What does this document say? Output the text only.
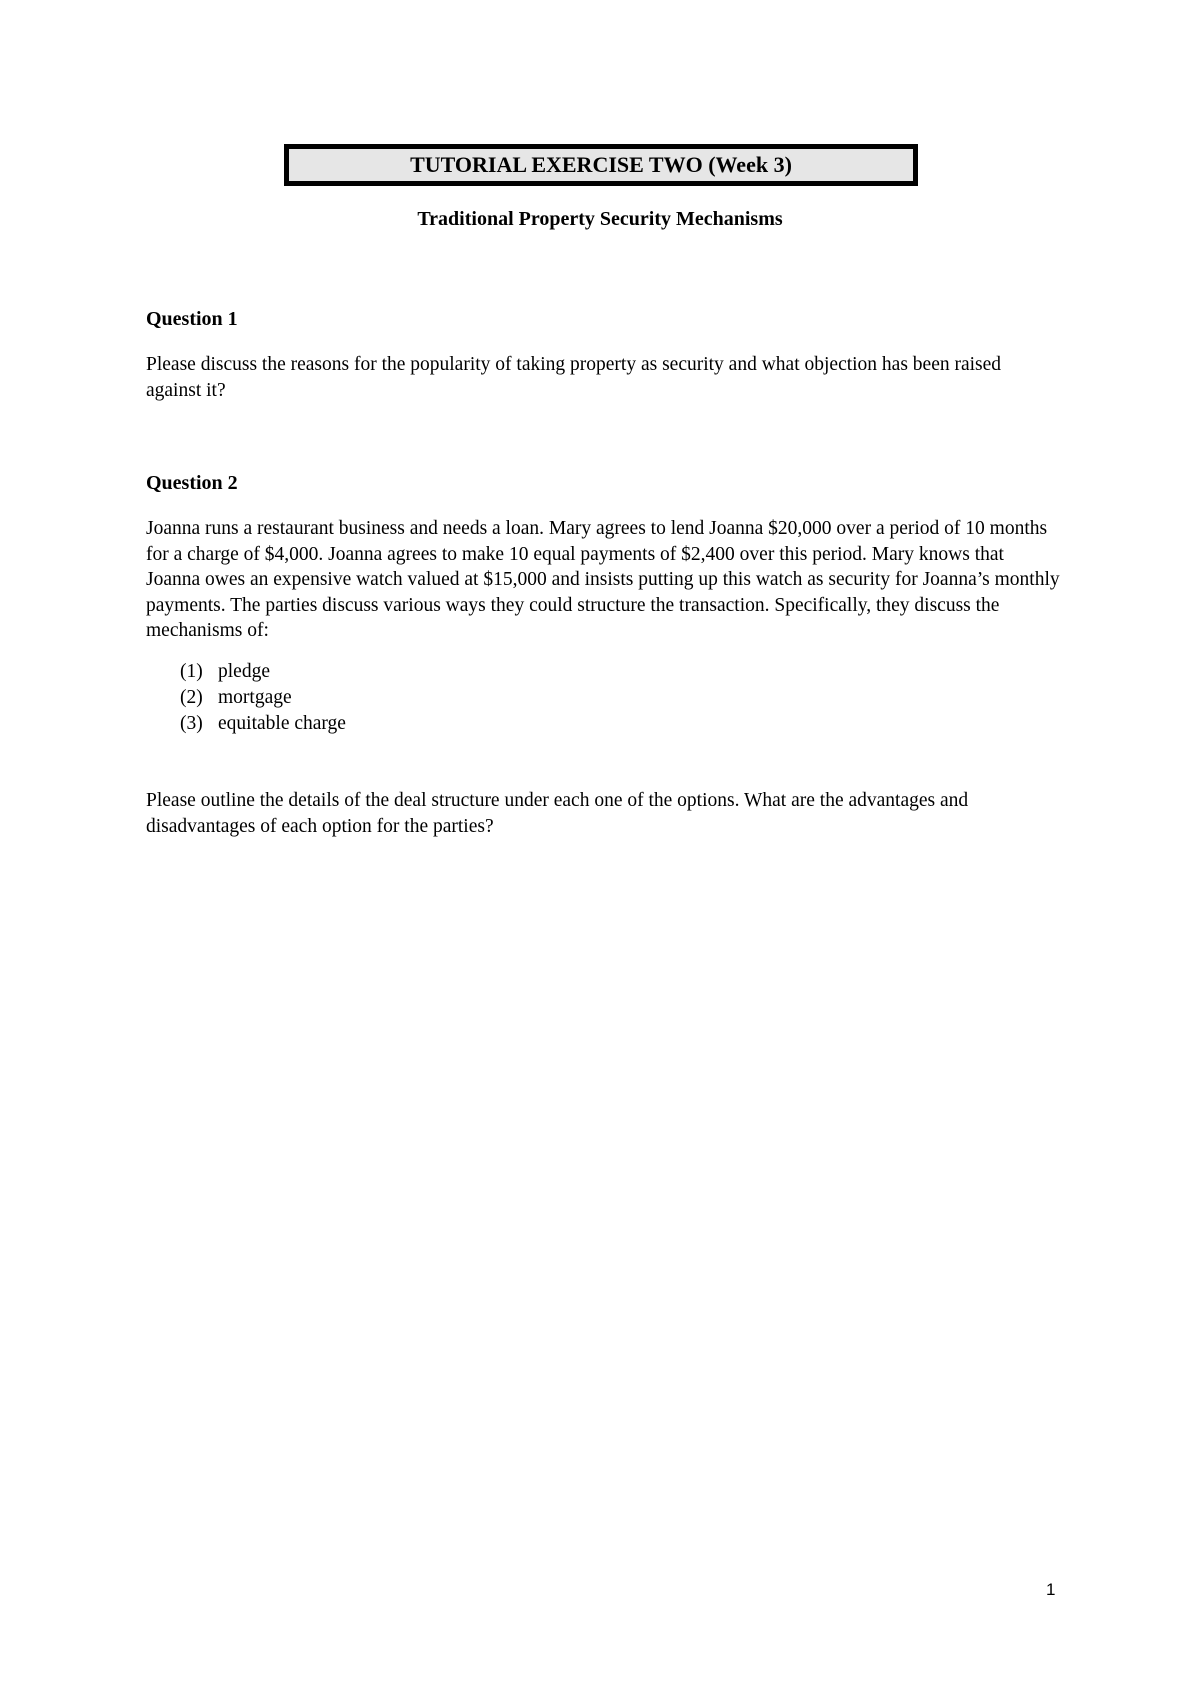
TUTORIAL EXERCISE TWO (Week 3)
Traditional Property Security Mechanisms
Question 1

Please discuss the reasons for the popularity of taking property as security and what objection has been raised against it?

Question 2

Joanna runs a restaurant business and needs a loan. Mary agrees to lend Joanna $20,000 over a period of 10 months for a charge of $4,000. Joanna agrees to make 10 equal payments of $2,400 over this period. Mary knows that Joanna owes an expensive watch valued at $15,000 and insists putting up this watch as security for Joanna’s monthly payments. The parties discuss various ways they could structure the transaction. Specifically, they discuss the mechanisms of:

(1) pledge
(2) mortgage
(3) equitable charge

Please outline the details of the deal structure under each one of the options. What are the advantages and disadvantages of each option for the parties?

1
